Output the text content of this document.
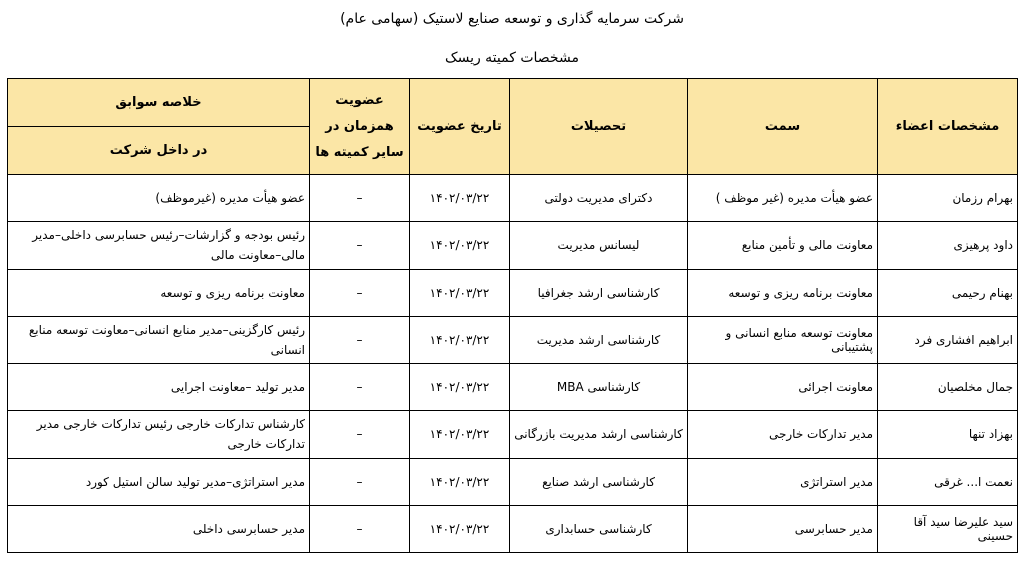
شرکت سرمایه گذاری و توسعه صنایع لاستیک (سهامی عام)
مشخصات کمیته ریسک
مشخصات اعضاء	سمت	تحصیلات	تاریخ عضویت	عضویت همزمان در سایر کمیته ها	خلاصه سوابق
					در داخل شرکت
بهرام رزمان	عضو هیأت مدیره (غیر موظف )	دکترای مدیریت دولتی	۱۴۰۲/۰۳/۲۲	–	عضو هیأت مدیره (غیرموظف)
داود پرهیزی	معاونت مالی و تأمین منابع	لیسانس مدیریت	۱۴۰۲/۰۳/۲۲	–	رئیس بودجه و گزارشات–رئیس حسابرسی داخلی–مدیر مالی–معاونت مالی
بهنام رحیمی	معاونت برنامه ریزی و توسعه	کارشناسی ارشد جغرافیا	۱۴۰۲/۰۳/۲۲	–	معاونت برنامه ریزی و توسعه
ابراهیم افشاری فرد	معاونت توسعه منابع انسانی و پشتیبانی	کارشناسی ارشد مدیریت	۱۴۰۲/۰۳/۲۲	–	رئیس کارگزینی–مدیر منابع انسانی–معاونت توسعه منابع انسانی
جمال مخلصیان	معاونت اجرائی	کارشناسی MBA	۱۴۰۲/۰۳/۲۲	–	مدیر تولید –معاونت اجرایی
بهزاد تنها	مدیر تدارکات خارجی	کارشناسی ارشد مدیریت بازرگانی	۱۴۰۲/۰۳/۲۲	–	کارشناس تدارکات خارجی رئیس تدارکات خارجی مدیر تدارکات خارجی
نعمت ا... غرقی	مدیر استراتژی	کارشناسی ارشد صنایع	۱۴۰۲/۰۳/۲۲	–	مدیر استراتژی–مدیر تولید سالن استیل کورد
سید علیرضا سید آقا حسینی	مدیر حسابرسی	کارشناسی حسابداری	۱۴۰۲/۰۳/۲۲	–	مدیر حسابرسی داخلی
